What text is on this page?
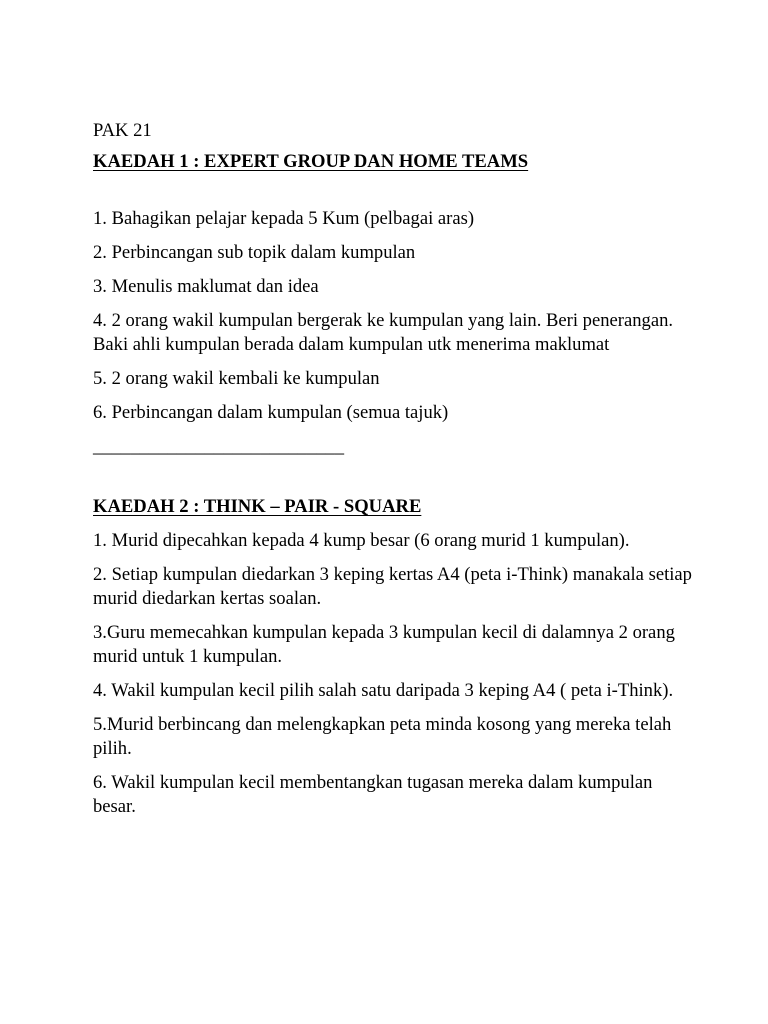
PAK 21

KAEDAH 1 : EXPERT GROUP DAN HOME TEAMS

1. Bahagikan pelajar kepada 5 Kum (pelbagai aras)

2. Perbincangan sub topik dalam kumpulan

3. Menulis maklumat dan idea

4. 2 orang wakil kumpulan bergerak ke kumpulan yang lain. Beri penerangan. Baki ahli kumpulan berada dalam kumpulan utk menerima maklumat

5. 2 orang wakil kembali ke kumpulan

6. Perbincangan dalam kumpulan (semua tajuk)

___________________________

KAEDAH 2 : THINK – PAIR - SQUARE

1. Murid dipecahkan kepada 4 kump besar (6 orang murid 1 kumpulan).

2. Setiap kumpulan diedarkan 3 keping kertas A4 (peta i-Think) manakala setiap murid diedarkan kertas soalan.

3.Guru memecahkan kumpulan kepada 3 kumpulan kecil di dalamnya 2 orang murid untuk 1 kumpulan.

4. Wakil kumpulan kecil pilih salah satu daripada 3 keping A4 ( peta i-Think).

5.Murid berbincang dan melengkapkan peta minda kosong yang mereka telah pilih.

6. Wakil kumpulan kecil membentangkan tugasan mereka dalam kumpulan besar.
